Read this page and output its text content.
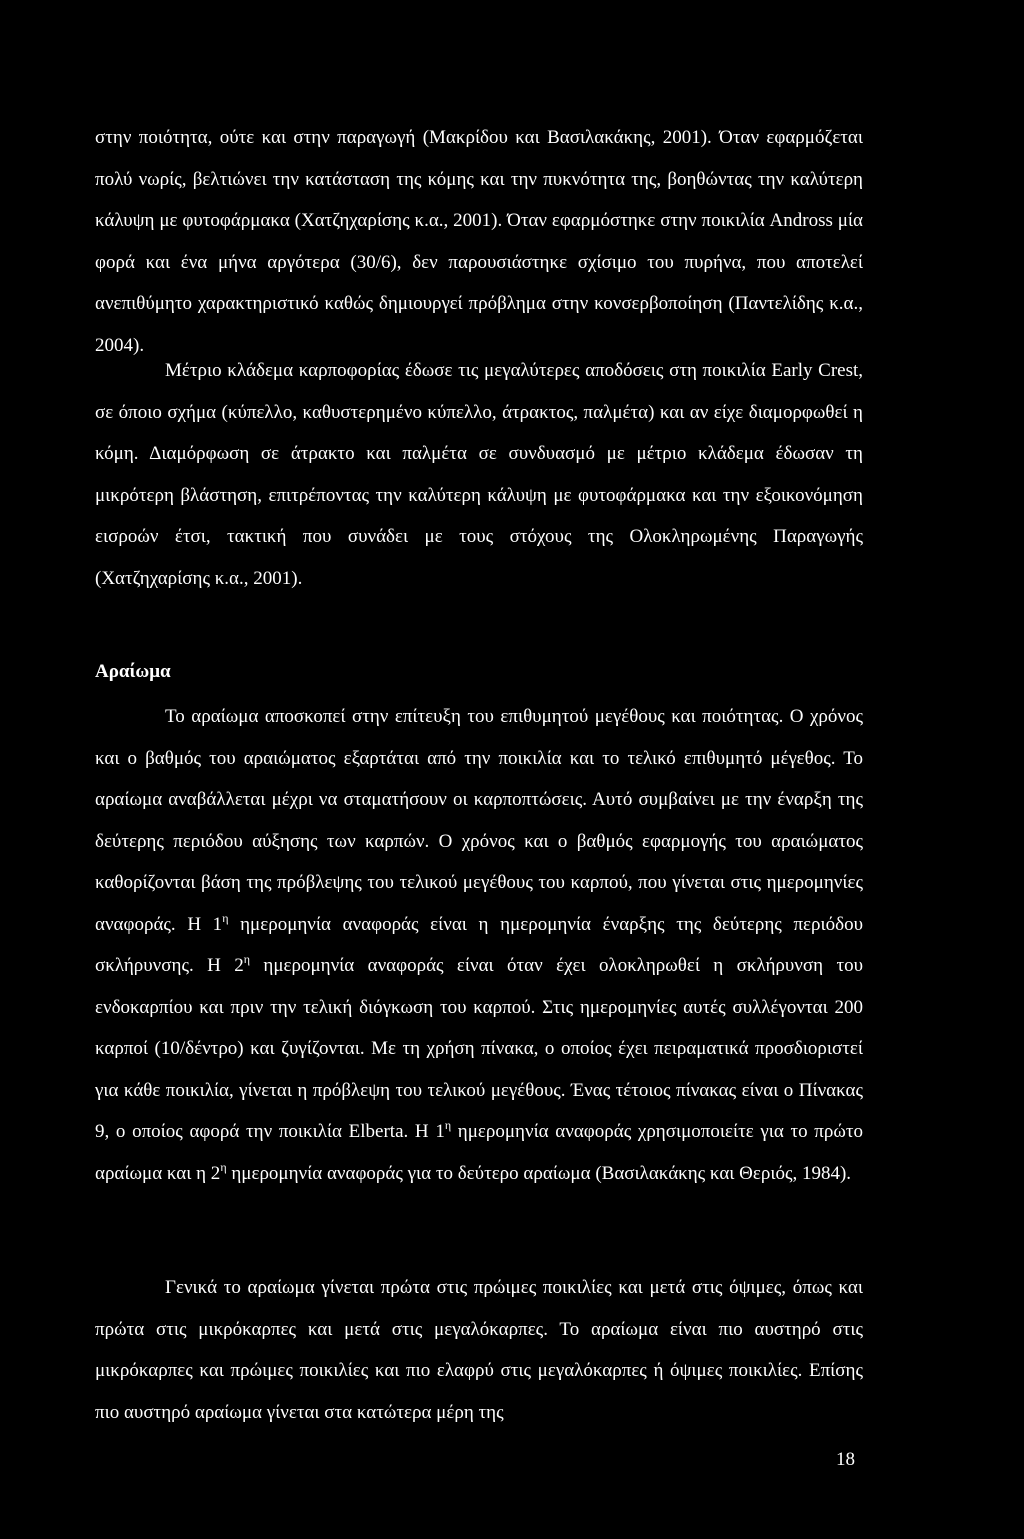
στην ποιότητα, ούτε και στην παραγωγή (Μακρίδου και Βασιλακάκης, 2001). Όταν εφαρμόζεται πολύ νωρίς, βελτιώνει την κατάσταση της κόμης και την πυκνότητα της, βοηθώντας την καλύτερη κάλυψη με φυτοφάρμακα (Χατζηχαρίσης κ.α., 2001). Όταν εφαρμόστηκε στην ποικιλία Andross μία φορά και ένα μήνα αργότερα (30/6), δεν παρουσιάστηκε σχίσιμο του πυρήνα, που αποτελεί ανεπιθύμητο χαρακτηριστικό καθώς δημιουργεί πρόβλημα στην κονσερβοποίηση (Παντελίδης κ.α., 2004).

Μέτριο κλάδεμα καρποφορίας έδωσε τις μεγαλύτερες αποδόσεις στη ποικιλία Early Crest, σε όποιο σχήμα (κύπελλο, καθυστερημένο κύπελλο, άτρακτος, παλμέτα) και αν είχε διαμορφωθεί η κόμη. Διαμόρφωση σε άτρακτο και παλμέτα σε συνδυασμό με μέτριο κλάδεμα έδωσαν τη μικρότερη βλάστηση, επιτρέποντας την καλύτερη κάλυψη με φυτοφάρμακα και την εξοικονόμηση εισροών έτσι, τακτική που συνάδει με τους στόχους της Ολοκληρωμένης Παραγωγής (Χατζηχαρίσης κ.α., 2001).

Αραίωμα

Το αραίωμα αποσκοπεί στην επίτευξη του επιθυμητού μεγέθους και ποιότητας. Ο χρόνος και ο βαθμός του αραιώματος εξαρτάται από την ποικιλία και το τελικό επιθυμητό μέγεθος. Το αραίωμα αναβάλλεται μέχρι να σταματήσουν οι καρποπτώσεις. Αυτό συμβαίνει με την έναρξη της δεύτερης περιόδου αύξησης των καρπών. Ο χρόνος και ο βαθμός εφαρμογής του αραιώματος καθορίζονται βάση της πρόβλεψης του τελικού μεγέθους του καρπού, που γίνεται στις ημερομηνίες αναφοράς. Η $1^\eta$ ημερομηνία αναφοράς είναι η ημερομηνία έναρξης της δεύτερης περιόδου σκλήρυνσης. Η $2^\eta$ ημερομηνία αναφοράς είναι όταν έχει ολοκληρωθεί η σκλήρυνση του ενδοκαρπίου και πριν την τελική διόγκωση του καρπού. Στις ημερομηνίες αυτές συλλέγονται 200 καρποί (10/δέντρο) και ζυγίζονται. Με τη χρήση πίνακα, ο οποίος έχει πειραματικά προσδιοριστεί για κάθε ποικιλία, γίνεται η πρόβλεψη του τελικού μεγέθους. Ένας τέτοιος πίνακας είναι ο Πίνακας 9, ο οποίος αφορά την ποικιλία Elberta. Η $1^\eta$ ημερομηνία αναφοράς χρησιμοποιείτε για το πρώτο αραίωμα και η $2^\eta$ ημερομηνία αναφοράς για το δεύτερο αραίωμα (Βασιλακάκης και Θεριός, 1984).

Γενικά το αραίωμα γίνεται πρώτα στις πρώιμες ποικιλίες και μετά στις όψιμες, όπως και πρώτα στις μικρόκαρπες και μετά στις μεγαλόκαρπες. Το αραίωμα είναι πιο αυστηρό στις μικρόκαρπες και πρώιμες ποικιλίες και πιο ελαφρύ στις μεγαλόκαρπες ή όψιμες ποικιλίες. Επίσης πιο αυστηρό αραίωμα γίνεται στα κατώτερα μέρη της

18
